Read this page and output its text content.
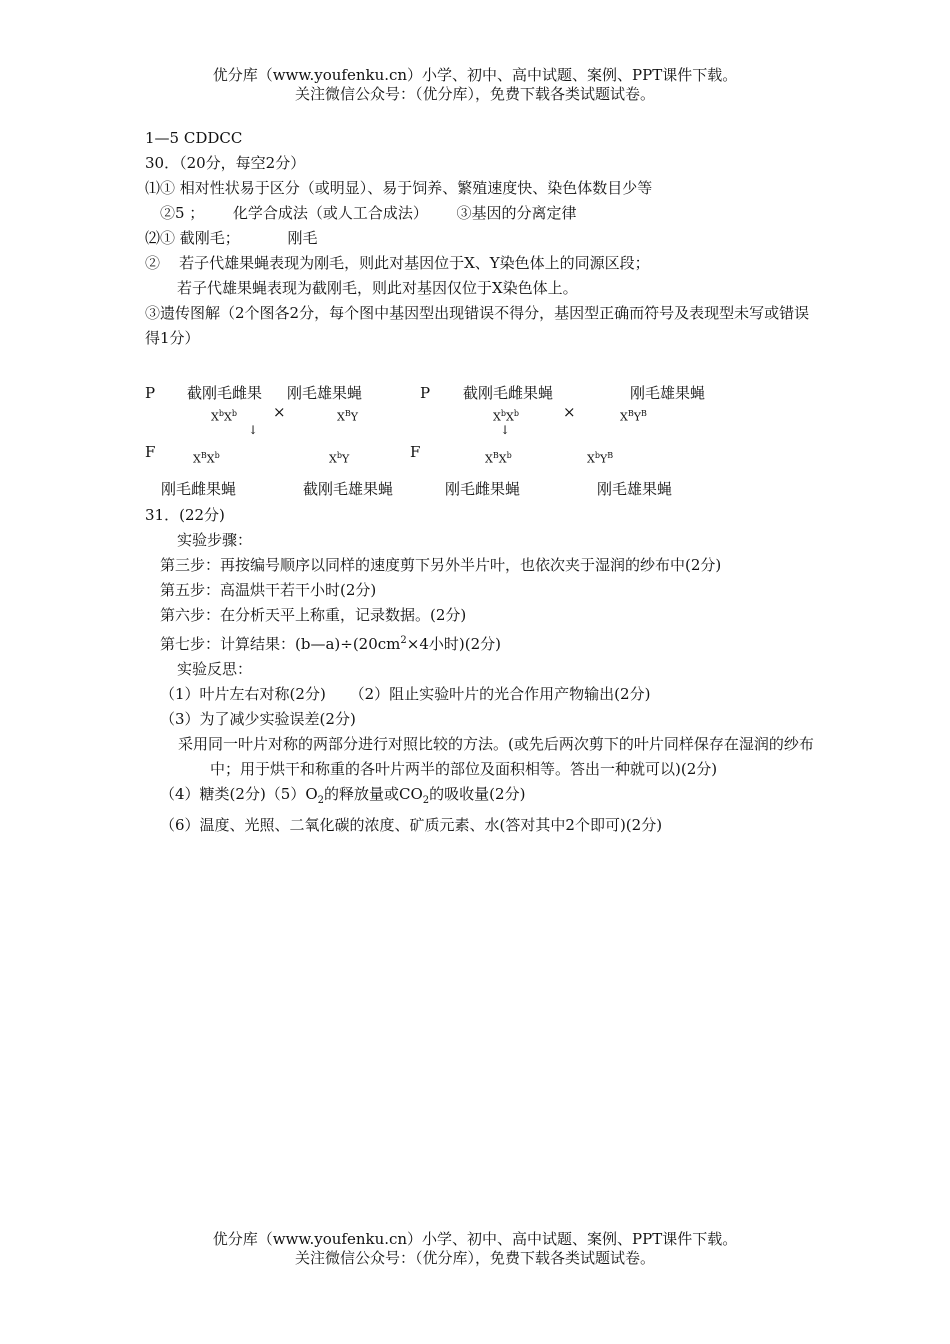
优分库（www.youfenku.cn）小学、初中、高中试题、案例、PPT课件下载。
关注微信公众号：（优分库），免费下载各类试题试卷。
1—5 CDDCC
30．（20分，每空2分）
⑴① 相对性状易于区分（或明显）、易于饲养、繁殖速度快、染色体数目少等
②5 ；      化学合成法（或人工合成法）      ③基因的分离定律
⑵① 截刚毛；          刚毛
②    若子代雄果蝇表现为刚毛，则此对基因位于X、Y染色体上的同源区段；
若子代雄果蝇表现为截刚毛，则此对基因仅位于X染色体上。
③遗传图解（2个图各2分，每个图中基因型出现错误不得分，基因型正确而符号及表现型未写或错误得1分）
P 截刚毛雌果 刚毛雄果蝇
$X^bX^b$ ×	$X^BY$
↓
F	$X^BX^b$	$X^bY$
刚毛雌果蝇	截刚毛雄果蝇
P 截刚毛雌果蝇	刚毛雄果蝇
$X^bX^b$	×	$X^BY^B$
↓
F	$X^BX^b$	$X^bY^B$
刚毛雌果蝇	刚毛雄果蝇
31．(22分)
实验步骤：
第三步：再按编号顺序以同样的速度剪下另外半片叶，也依次夹于湿润的纱布中(2分)
第五步：高温烘干若干小时(2分)
第六步：在分析天平上称重，记录数据。(2分)
第七步：计算结果：$(b—a)\div(20cm^2\times 4$小时)(2分)
实验反思：
（1）叶片左右对称(2分)     （2）阻止实验叶片的光合作用产物输出(2分)
（3）为了减少实验误差(2分)
采用同一叶片对称的两部分进行对照比较的方法。(或先后两次剪下的叶片同样保存在湿润的纱布中；用于烘干和称重的各叶片两半的部位及面积相等。答出一种就可以)(2分)
（4）糖类(2分)$(5)O_2$的释放量或$CO_2$的吸收量(2分)
（6）温度、光照、二氧化碳的浓度、矿质元素、水(答对其中2个即可)(2分)
优分库（www.youfenku.cn）小学、初中、高中试题、案例、PPT课件下载。
关注微信公众号：（优分库），免费下载各类试题试卷。
